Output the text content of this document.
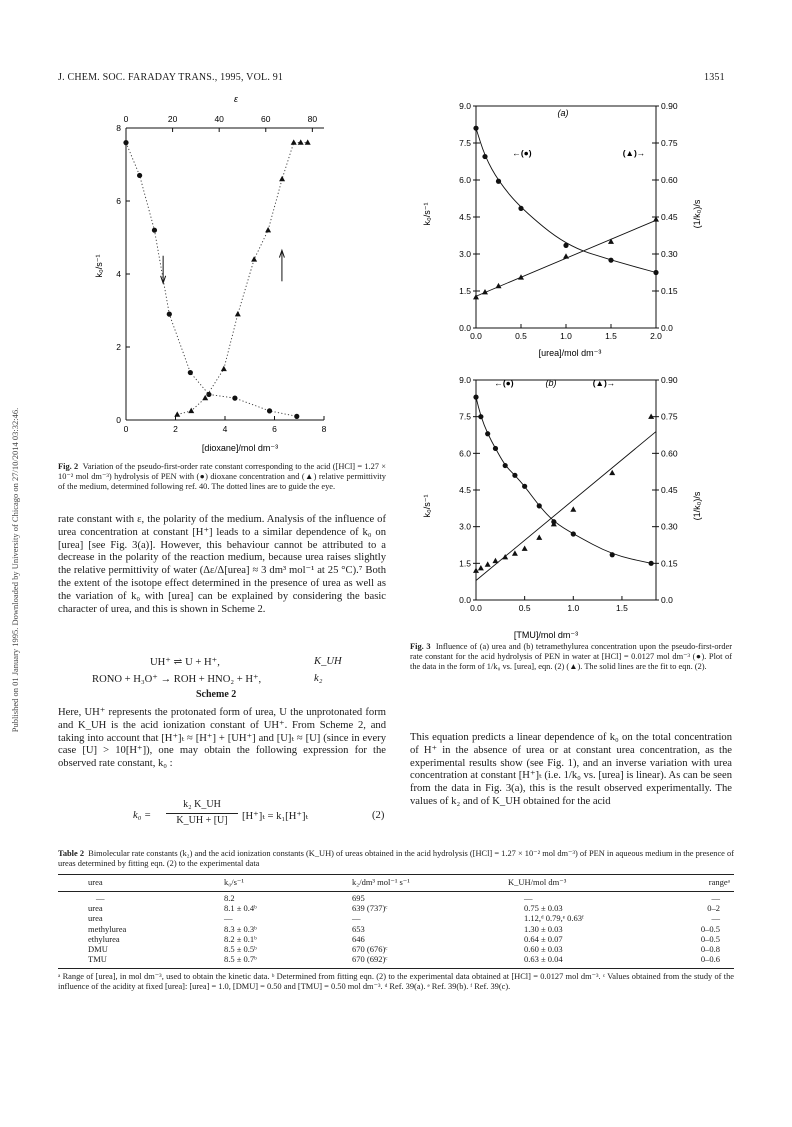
J. CHEM. SOC. FARADAY TRANS., 1995, VOL. 91	1351
Published on 01 January 1995. Downloaded by University of Chicago on 27/10/2014 03:32:46.	0	2	4	6	8
0
2
4
6
8
0	20	40	60	80
[dioxane]/mol dm⁻³
ε
k₀/s⁻¹

Fig. 2 Variation of the pseudo-first-order rate constant corresponding to the acid ([HCl] = 1.27 × 10⁻² mol dm⁻³) hydrolysis of PEN with (●) dioxane concentration and (▲) relative permittivity of the medium, determined following ref. 40. The dotted lines are to guide the eye.

rate constant with ε, the polarity of the medium. Analysis of the influence of urea concentration at constant [H⁺] leads to a similar dependence of k₀ on [urea] [see Fig. 3(a)]. However, this behaviour cannot be attributed to a decrease in the polarity of the reaction medium, because urea raises slightly the relative permittivity of water (Δε/Δ[urea] ≈ 3 dm³ mol⁻¹ at 25 °C).⁷ Both the extent of the isotope effect determined in the presence of urea as well as the variation of k₀ with [urea] can be explained by considering the basic character of urea, and this is shown in Scheme 2.

UH⁺ ⇌ U + H⁺,	K_UH
RONO + H₃O⁺ → ROH + HNO₂ + H⁺,	k₂
Scheme 2

Here, UH⁺ represents the protonated form of urea, U the unprotonated form and K_UH is the acid ionization constant of UH⁺. From Scheme 2, and taking into account that [H⁺]ₜ ≈ [H⁺] + [UH⁺] and [U]ₜ ≈ [U] (since in every case [U] > 10[H⁺]), one may obtain the following expression for the observed rate constant, k₀ :

k₀ =
k₂ K_UH
K_UH + [U]	[H⁺]ₜ = k₁[H⁺]ₜ	(2)
0.0	0.5	1.0	1.5	2.0
0.0
1.5
3.0
4.5
6.0
7.5
9.0
0.0
0.15
0.30
0.45
0.60
0.75
0.90
(a)
←(●)	(▲)→
[urea]/mol dm⁻³
k₀/s⁻¹	(1/k₀)/s
0.0	0.5	1.0	1.5
0.0
1.5
3.0
4.5
6.0
7.5
9.0
0.0
0.15
0.30
0.45
0.60
0.75
0.90
(b)
←(●)	(▲)→
[TMU]/mol dm⁻³
k₀/s⁻¹	(1/k₀)/s

Fig. 3 Influence of (a) urea and (b) tetramethylurea concentration upon the pseudo-first-order rate constant for the acid hydrolysis of PEN in water at [HCl] = 0.0127 mol dm⁻³ (●). Plot of the data in the form of 1/k₀ vs. [urea], eqn. (2) (▲). The solid lines are the fit to eqn. (2).

This equation predicts a linear dependence of k₀ on the total concentration of H⁺ in the absence of urea or at constant urea concentration, as the experimental results show (see Fig. 1), and an inverse variation with urea concentration at constant [H⁺]ₜ (i.e. 1/k₀ vs. [urea] is linear). As can be seen from the data in Fig. 3(a), this is the result observed experimentally. The values of k₂ and of K_UH obtained for the acid

Table 2 Bimolecular rate constants (k₂) and the acid ionization constants (K_UH) of ureas obtained in the acid hydrolysis ([HCl] = 1.27 × 10⁻² mol dm⁻³) of PEN in aqueous medium in the presence of ureas determined by fitting eqn. (2) to the experimental data

urea	k₀/s⁻¹	k₂/dm³ mol⁻¹ s⁻¹	K_UH/mol dm⁻³	rangeᵃ
—	8.2	695	—	—
urea	8.1 ± 0.4ᵇ	639 (737)ᶜ	0.75 ± 0.03	0–2
urea	—	—	1.12,ᵈ 0.79,ᵉ 0.63ᶠ	—
methylurea	8.3 ± 0.3ᵇ	653	1.30 ± 0.03	0–0.5
ethylurea	8.2 ± 0.1ᵇ	646	0.64 ± 0.07	0–0.5
DMU	8.5 ± 0.5ᵇ	670 (676)ᶜ	0.60 ± 0.03	0–0.8
TMU	8.5 ± 0.7ᵇ	670 (692)ᶜ	0.63 ± 0.04	0–0.6

ᵃ Range of [urea], in mol dm⁻³, used to obtain the kinetic data. ᵇ Determined from fitting eqn. (2) to the experimental data obtained at [HCl] = 0.0127 mol dm⁻³. ᶜ Values obtained from the study of the influence of the acidity at fixed [urea]: [urea] = 1.0, [DMU] = 0.50 and [TMU] = 0.50 mol dm⁻³. ᵈ Ref. 39(a). ᵉ Ref. 39(b). ᶠ Ref. 39(c).
